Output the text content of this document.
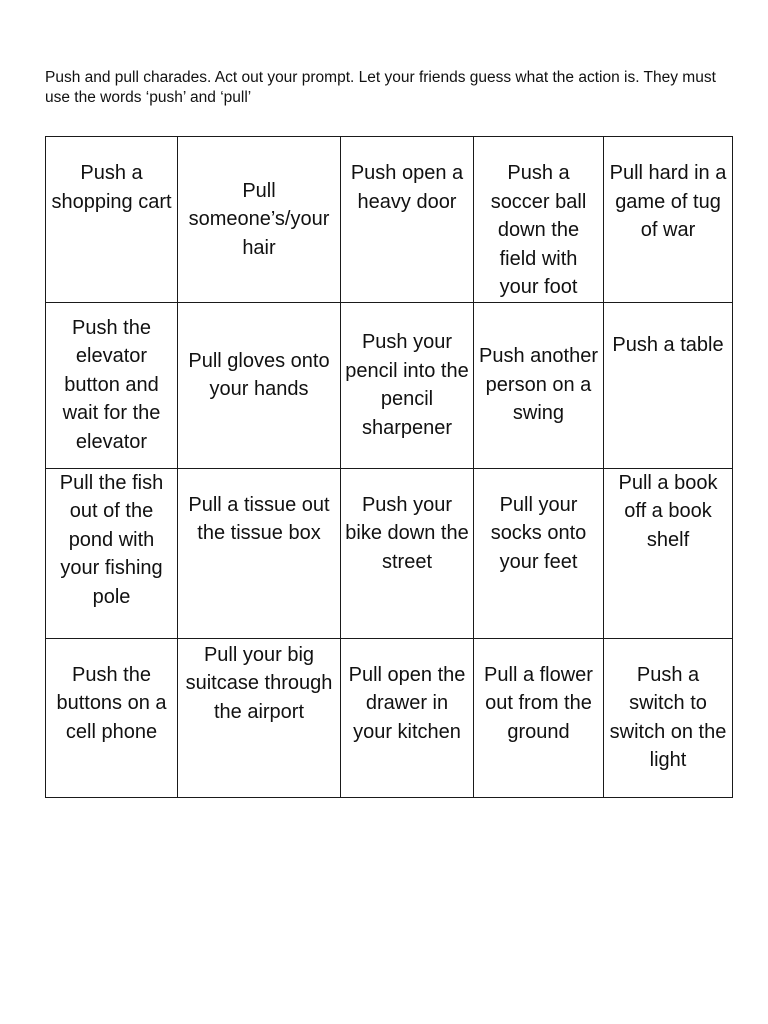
Push and pull charades. Act out your prompt. Let your friends guess what the action is. They must use the words ‘push’ and ‘pull’
Push a shopping cart	Pull someone’s/your hair	Push open a heavy door	Push a soccer ball down the field with your foot	Pull hard in a game of tug of war
Push the elevator button and wait for the elevator	Pull gloves onto your hands	Push your pencil into the pencil sharpener	Push another person on a swing	Push a table
Pull the fish out of the pond with your fishing pole	Pull a tissue out the tissue box	Push your bike down the street	Pull your socks onto your feet	Pull a book off a book shelf
Push the buttons on a cell phone	Pull your big suitcase through the airport	Pull open the drawer in your kitchen	Pull a flower out from the ground	Push a switch to switch on the light
